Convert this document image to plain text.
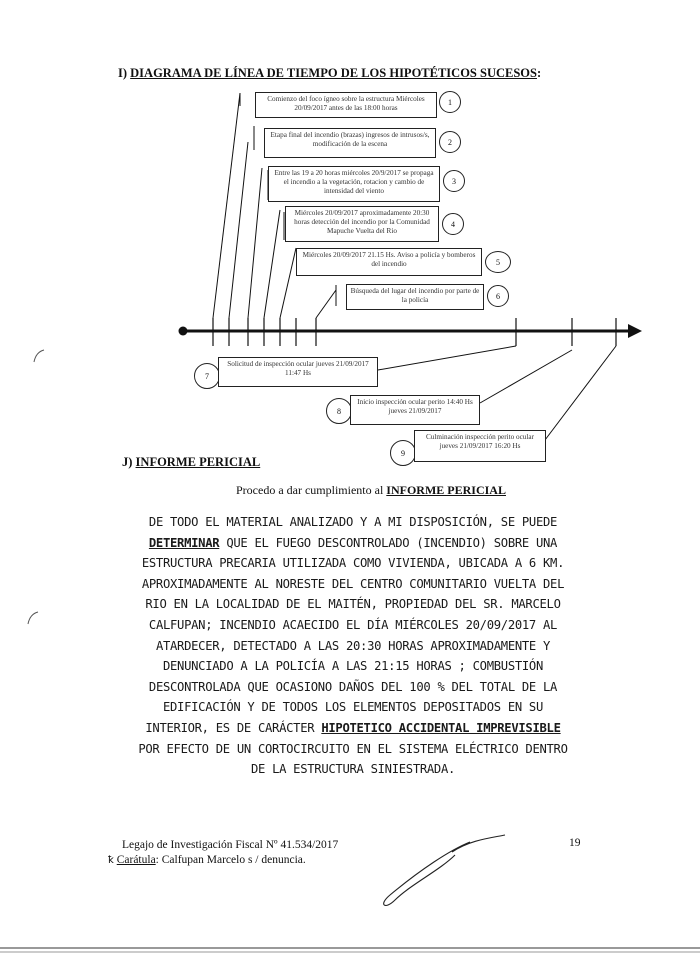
I) DIAGRAMA DE LÍNEA DE TIEMPO DE LOS HIPOTÉTICOS SUCESOS:
Comienzo del foco ígneo sobre la estructura Miércoles 20/09/2017 antes de las 18:00 horas
1
Etapa final del incendio (brazas) ingresos de intrusos/s, modificación de la escena	2
Entre las 19 a 20 horas miércoles 20/9/2017 se propaga el incendio a la vegetación, rotacion y cambio de intensidad del viento
3
Miércoles 20/09/2017 aproximadamente 20:30 horas detección del incendio por la Comunidad Mapuche Vuelta del Rio
4
Miércoles 20/09/2017 21.15 Hs. Aviso a policía y bomberos del incendio	5
Búsqueda del lugar del incendio por parte de la policía	6
7
Solicitud de inspección ocular jueves 21/09/2017 11:47 Hs
8
Inicio inspección ocular perito 14:40 Hs jueves 21/09/2017
9
Culminación inspección perito ocular jueves 21/09/2017 16:20 Hs
J) INFORME PERICIAL
Procedo a dar cumplimiento al INFORME PERICIAL
DE TODO EL MATERIAL ANALIZADO Y A MI DISPOSICIÓN, SE PUEDE DETERMINAR QUE EL FUEGO DESCONTROLADO (INCENDIO) SOBRE UNA ESTRUCTURA PRECARIA UTILIZADA COMO VIVIENDA, UBICADA A 6 KM. APROXIMADAMENTE AL NORESTE DEL CENTRO COMUNITARIO VUELTA DEL RIO EN LA LOCALIDAD DE EL MAITÉN, PROPIEDAD DEL SR. MARCELO CALFUPAN; INCENDIO ACAECIDO EL DÍA MIÉRCOLES 20/09/2017 AL ATARDECER, DETECTADO A LAS 20:30 HORAS APROXIMADAMENTE Y DENUNCIADO A LA POLICÍA A LAS 21:15 HORAS ; COMBUSTIÓN DESCONTROLADA QUE OCASIONO DAÑOS DEL 100 % DEL TOTAL DE LA EDIFICACIÓN Y DE TODOS LOS ELEMENTOS DEPOSITADOS EN SU INTERIOR, ES DE CARÁCTER HIPOTETICO ACCIDENTAL IMPREVISIBLE POR EFECTO DE UN CORTOCIRCUITO EN EL SISTEMA ELÉCTRICO DENTRO DE LA ESTRUCTURA SINIESTRADA.
Legajo de Investigación Fiscal Nº 41.534/2017
ꝁ Carátula: Calfupan Marcelo s / denuncia.
19
